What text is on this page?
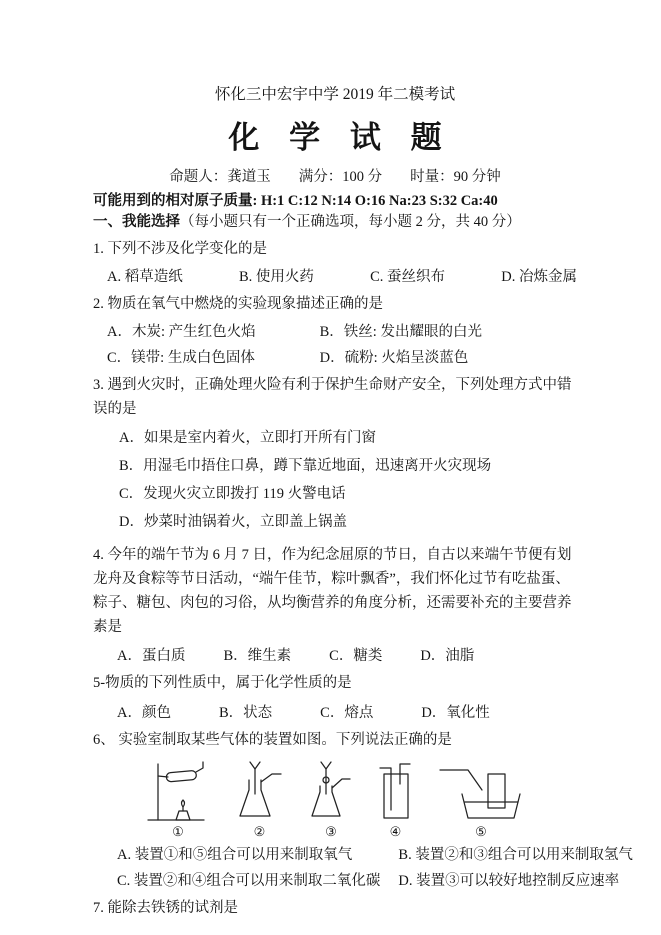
怀化三中宏宇中学 2019 年二模考试
化 学 试 题
命题人：龚道玉 满分：100 分 时量：90 分钟
可能用到的相对原子质量: H:1 C:12 N:14 O:16 Na:23 S:32 Ca:40
一、我能选择（每小题只有一个正确选项，每小题 2 分，共 40 分）
1. 下列不涉及化学变化的是
A. 稻草造纸	B. 使用火药	C. 蚕丝织布	D. 冶炼金属
2. 物质在氧气中燃烧的实验现象描述正确的是
A．木炭: 产生红色火焰	B．铁丝: 发出耀眼的白光
C．镁带: 生成白色固体	D．硫粉: 火焰呈淡蓝色
3. 遇到火灾时，正确处理火险有利于保护生命财产安全，下列处理方式中错误的是
A．如果是室内着火，立即打开所有门窗
B．用湿毛巾捂住口鼻，蹲下靠近地面，迅速离开火灾现场
C．发现火灾立即拨打 119 火警电话
D．炒菜时油锅着火，立即盖上锅盖
4. 今年的端午节为 6 月 7 日，作为纪念屈原的节日，自古以来端午节便有划龙舟及食粽等节日活动，“端午佳节，粽叶飘香”，我们怀化过节有吃盐蛋、粽子、糖包、肉包的习俗，从均衡营养的角度分析，还需要补充的主要营养素是
A．蛋白质	B．维生素	C．糖类	D．油脂
5-物质的下列性质中，属于化学性质的是
A．颜色	B．状态	C．熔点	D．氧化性
6、 实验室制取某些气体的装置如图。下列说法正确的是
①	②	③	④	⑤
A. 装置①和⑤组合可以用来制取氧气	B. 装置②和③组合可以用来制取氢气
C. 装置②和④组合可以用来制取二氧化碳 D. 装置③可以较好地控制反应速率
7. 能除去铁锈的试剂是
